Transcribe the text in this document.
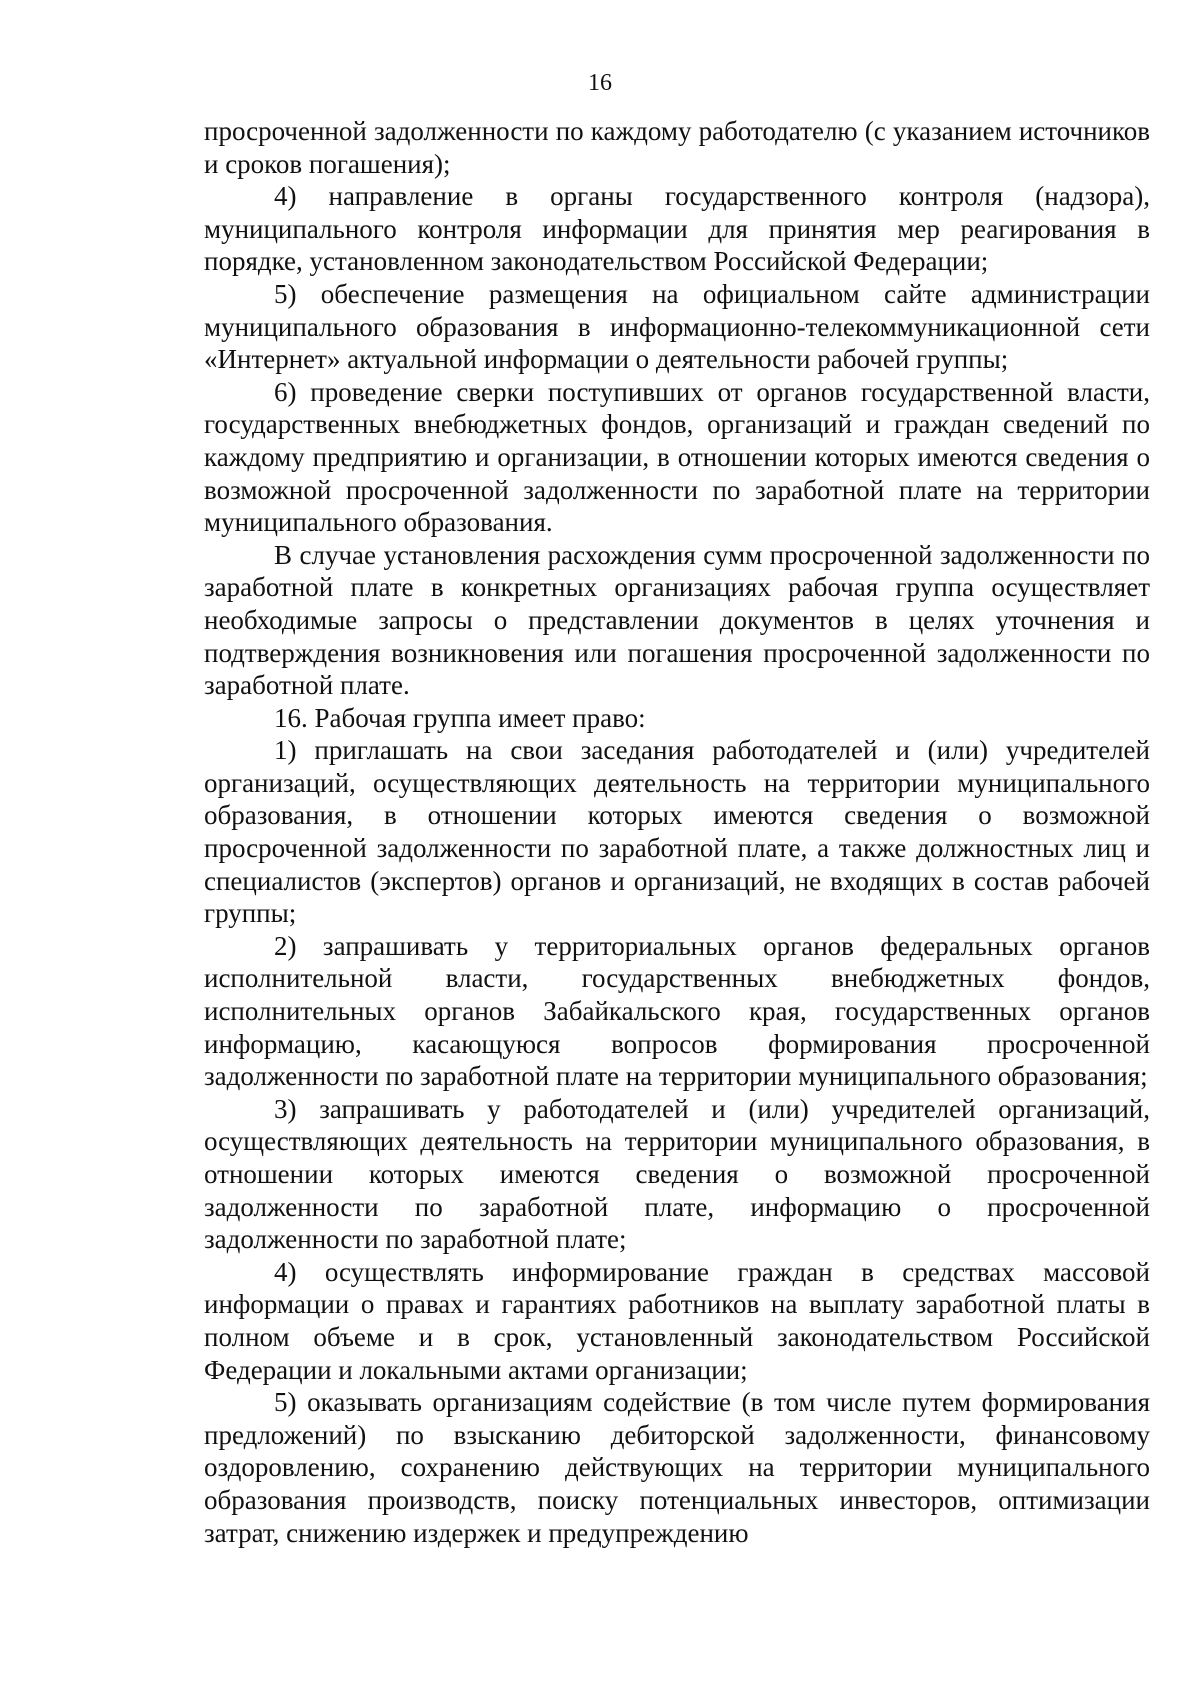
16

просроченной задолженности по каждому работодателю (с указанием источников и сроков погашения);

4) направление в органы государственного контроля (надзора), муниципального контроля информации для принятия мер реагирования в порядке, установленном законодательством Российской Федерации;

5) обеспечение размещения на официальном сайте администрации муниципального образования в информационно-телекоммуникационной сети «Интернет» актуальной информации о деятельности рабочей группы;

6) проведение сверки поступивших от органов государственной власти, государственных внебюджетных фондов, организаций и граждан сведений по каждому предприятию и организации, в отношении которых имеются сведения о возможной просроченной задолженности по заработной плате на территории муниципального образования.

В случае установления расхождения сумм просроченной задолженности по заработной плате в конкретных организациях рабочая группа осуществляет необходимые запросы о представлении документов в целях уточнения и подтверждения возникновения или погашения просроченной задолженности по заработной плате.

16. Рабочая группа имеет право:

1) приглашать на свои заседания работодателей и (или) учредителей организаций, осуществляющих деятельность на территории муниципального образования, в отношении которых имеются сведения о возможной просроченной задолженности по заработной плате, а также должностных лиц и специалистов (экспертов) органов и организаций, не входящих в состав рабочей группы;

2) запрашивать у территориальных органов федеральных органов исполнительной власти, государственных внебюджетных фондов, исполнительных органов Забайкальского края, государственных органов информацию, касающуюся вопросов формирования просроченной задолженности по заработной плате на территории муниципального образования;

3) запрашивать у работодателей и (или) учредителей организаций, осуществляющих деятельность на территории муниципального образования, в отношении которых имеются сведения о возможной просроченной задолженности по заработной плате, информацию о просроченной задолженности по заработной плате;

4) осуществлять информирование граждан в средствах массовой информации о правах и гарантиях работников на выплату заработной платы в полном объеме и в срок, установленный законодательством Российской Федерации и локальными актами организации;

5) оказывать организациям содействие (в том числе путем формирования предложений) по взысканию дебиторской задолженности, финансовому оздоровлению, сохранению действующих на территории муниципального образования производств, поиску потенциальных инвесторов, оптимизации затрат, снижению издержек и предупреждению
